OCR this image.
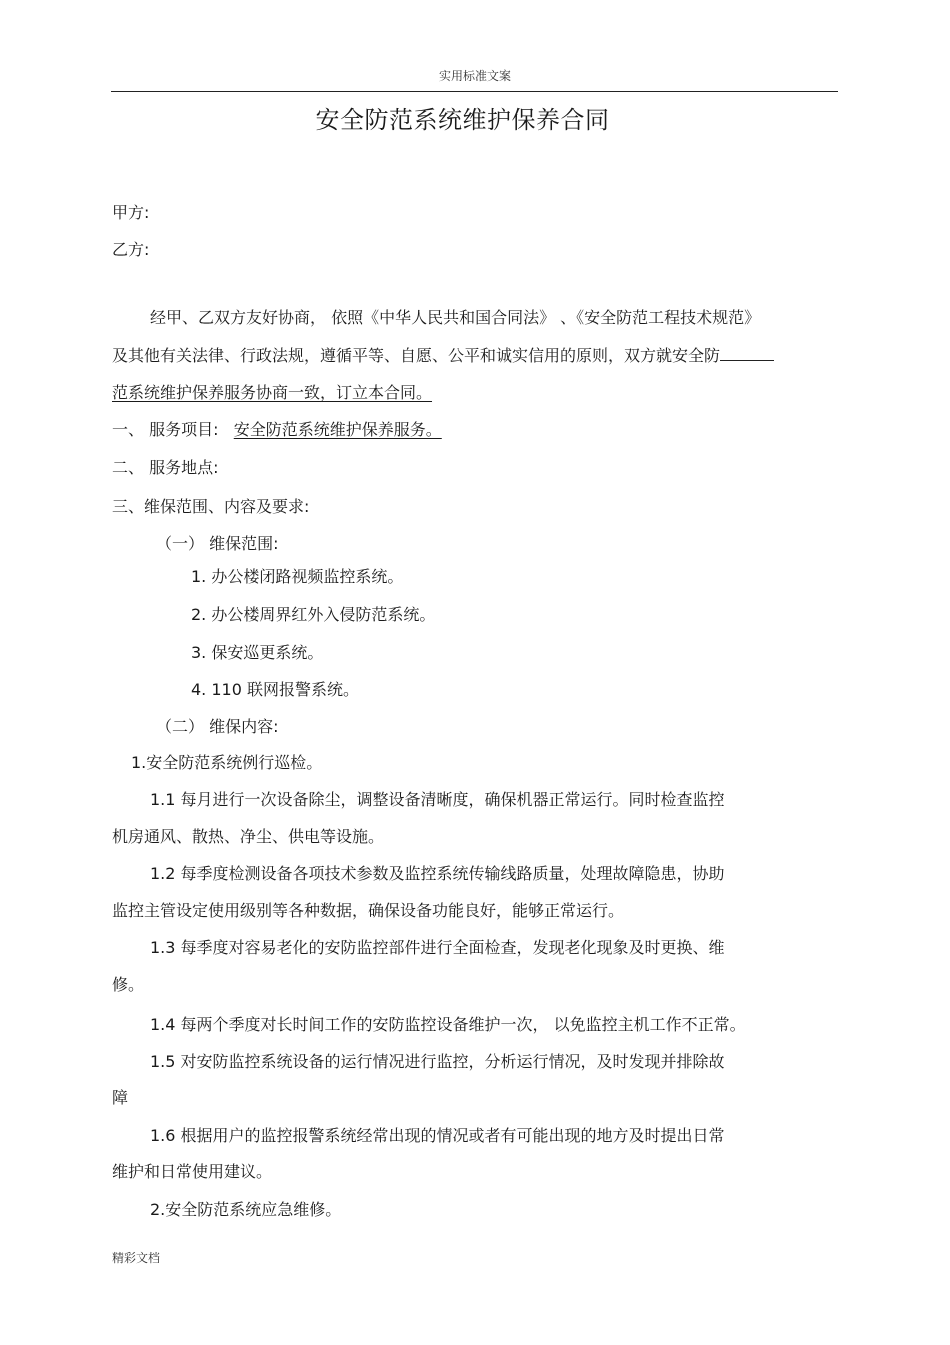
实用标准文案
安全防范系统维护保养合同
甲方:
乙方:
经甲、乙双方友好协商， 依照《中华人民共和国合同法》 、《安全防范工程技术规范》
及其他有关法律、行政法规，遵循平等、自愿、公平和诚实信用的原则，双方就安全防
范系统维护保养服务协商一致，订立本合同。
一、 服务项目: 安全防范系统维护保养服务。
二、 服务地点:
三、维保范围、内容及要求:
（一） 维保范围:
1. 办公楼闭路视频监控系统。
2. 办公楼周界红外入侵防范系统。
3. 保安巡更系统。
4. 110 联网报警系统。
（二） 维保内容:
1.安全防范系统例行巡检。
1.1 每月进行一次设备除尘，调整设备清晰度，确保机器正常运行。同时检查监控
机房通风、散热、净尘、供电等设施。
1.2 每季度检测设备各项技术参数及监控系统传输线路质量，处理故障隐患，协助
监控主管设定使用级别等各种数据，确保设备功能良好，能够正常运行。
1.3 每季度对容易老化的安防监控部件进行全面检查，发现老化现象及时更换、维
修。
1.4 每两个季度对长时间工作的安防监控设备维护一次， 以免监控主机工作不正常。
1.5 对安防监控系统设备的运行情况进行监控，分析运行情况，及时发现并排除故
障
1.6 根据用户的监控报警系统经常出现的情况或者有可能出现的地方及时提出日常
维护和日常使用建议。
2.安全防范系统应急维修。
精彩文档
